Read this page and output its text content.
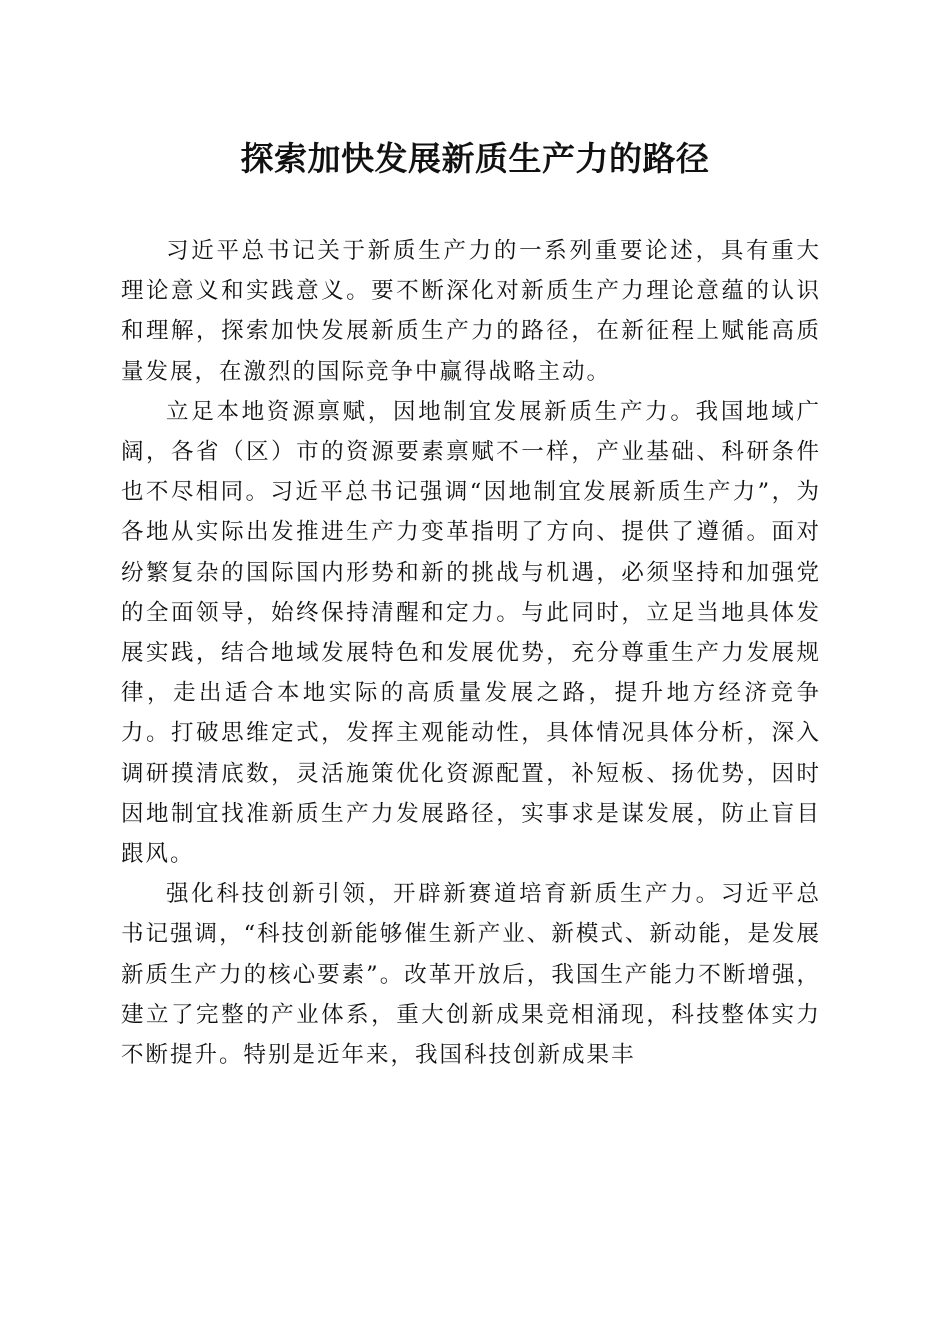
探索加快发展新质生产力的路径

习近平总书记关于新质生产力的一系列重要论述，具有重大理论意义和实践意义。要不断深化对新质生产力理论意蕴的认识和理解，探索加快发展新质生产力的路径，在新征程上赋能高质量发展，在激烈的国际竞争中赢得战略主动。

立足本地资源禀赋，因地制宜发展新质生产力。我国地域广阔，各省（区）市的资源要素禀赋不一样，产业基础、科研条件也不尽相同。习近平总书记强调“因地制宜发展新质生产力”，为各地从实际出发推进生产力变革指明了方向、提供了遵循。面对纷繁复杂的国际国内形势和新的挑战与机遇，必须坚持和加强党的全面领导，始终保持清醒和定力。与此同时，立足当地具体发展实践，结合地域发展特色和发展优势，充分尊重生产力发展规律，走出适合本地实际的高质量发展之路，提升地方经济竞争力。打破思维定式，发挥主观能动性，具体情况具体分析，深入调研摸清底数，灵活施策优化资源配置，补短板、扬优势，因时因地制宜找准新质生产力发展路径，实事求是谋发展，防止盲目跟风。

强化科技创新引领，开辟新赛道培育新质生产力。习近平总书记强调，“科技创新能够催生新产业、新模式、新动能，是发展新质生产力的核心要素”。改革开放后，我国生产能力不断增强，建立了完整的产业体系，重大创新成果竞相涌现，科技整体实力不断提升。特别是近年来，我国科技创新成果丰
